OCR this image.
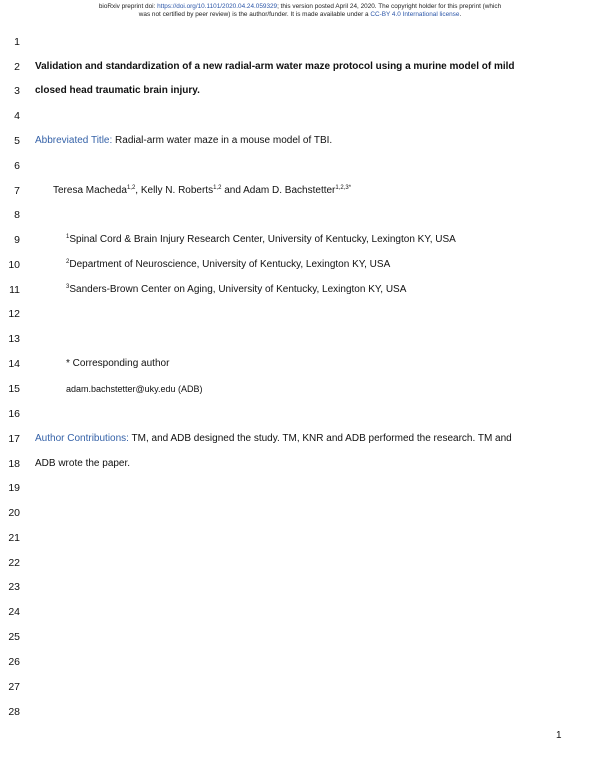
bioRxiv preprint doi: https://doi.org/10.1101/2020.04.24.059329; this version posted April 24, 2020. The copyright holder for this preprint (which
was not certified by peer review) is the author/funder. It is made available under a CC-BY 4.0 International license.
1
2
3
4
5
6
7
8
9
10
11
12
13
14
15
16
17
18
19
20
21
22
23
24
25
26
27
28
Validation and standardization of a new radial-arm water maze protocol using a murine model of mild
closed head traumatic brain injury.
Abbreviated Title: Radial-arm water maze in a mouse model of TBI.
Teresa Macheda$^{1,2}$, Kelly N. Roberts$^{1,2}$ and Adam D. Bachstetter$^{1,2,3*}$
$^1$Spinal Cord & Brain Injury Research Center, University of Kentucky, Lexington KY, USA
$^2$Department of Neuroscience, University of Kentucky, Lexington KY, USA
$^3$Sanders-Brown Center on Aging, University of Kentucky, Lexington KY, USA
* Corresponding author
adam.bachstetter@uky.edu (ADB)
Author Contributions: TM, and ADB designed the study. TM, KNR and ADB performed the research. TM and
ADB wrote the paper.
1
